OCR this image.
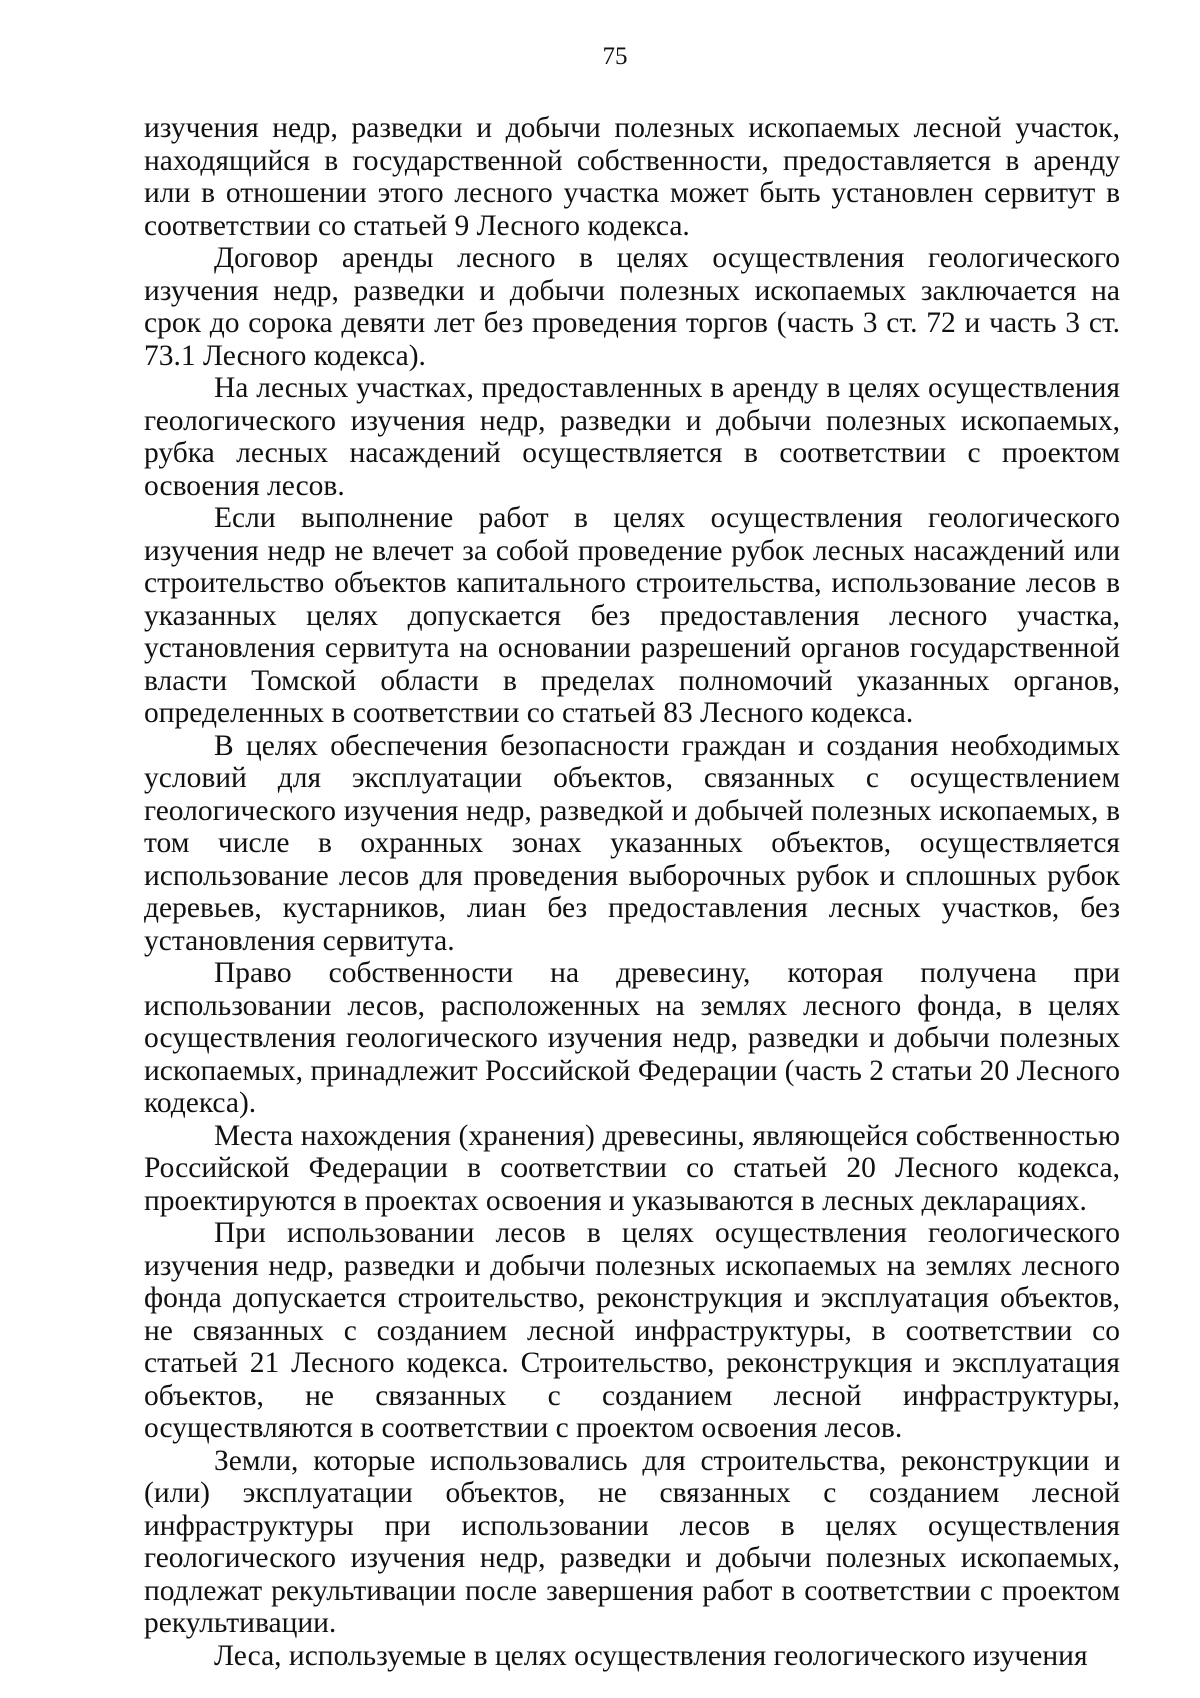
75

изучения недр, разведки и добычи полезных ископаемых лесной участок, находящийся в государственной собственности, предоставляется в аренду или в отношении этого лесного участка может быть установлен сервитут в соответствии со статьей 9 Лесного кодекса.

Договор аренды лесного в целях осуществления геологического изучения недр, разведки и добычи полезных ископаемых заключается на срок до сорока девяти лет без проведения торгов (часть 3 ст. 72 и часть 3 ст. 73.1 Лесного кодекса).

На лесных участках, предоставленных в аренду в целях осуществления геологического изучения недр, разведки и добычи полезных ископаемых, рубка лесных насаждений осуществляется в соответствии с проектом освоения лесов.

Если выполнение работ в целях осуществления геологического изучения недр не влечет за собой проведение рубок лесных насаждений или строительство объектов капитального строительства, использование лесов в указанных целях допускается без предоставления лесного участка, установления сервитута на основании разрешений органов государственной власти Томской области в пределах полномочий указанных органов, определенных в соответствии со статьей 83 Лесного кодекса.

В целях обеспечения безопасности граждан и создания необходимых условий для эксплуатации объектов, связанных с осуществлением геологического изучения недр, разведкой и добычей полезных ископаемых, в том числе в охранных зонах указанных объектов, осуществляется использование лесов для проведения выборочных рубок и сплошных рубок деревьев, кустарников, лиан без предоставления лесных участков, без установления сервитута.

Право собственности на древесину, которая получена при использовании лесов, расположенных на землях лесного фонда, в целях осуществления геологического изучения недр, разведки и добычи полезных ископаемых, принадлежит Российской Федерации (часть 2 статьи 20 Лесного кодекса).

Места нахождения (хранения) древесины, являющейся собственностью Российской Федерации в соответствии со статьей 20 Лесного кодекса, проектируются в проектах освоения и указываются в лесных декларациях.

При использовании лесов в целях осуществления геологического изучения недр, разведки и добычи полезных ископаемых на землях лесного фонда допускается строительство, реконструкция и эксплуатация объектов, не связанных с созданием лесной инфраструктуры, в соответствии со статьей 21 Лесного кодекса. Строительство, реконструкция и эксплуатация объектов, не связанных с созданием лесной инфраструктуры, осуществляются в соответствии с проектом освоения лесов.

Земли, которые использовались для строительства, реконструкции и (или) эксплуатации объектов, не связанных с созданием лесной инфраструктуры при использовании лесов в целях осуществления геологического изучения недр, разведки и добычи полезных ископаемых, подлежат рекультивации после завершения работ в соответствии с проектом рекультивации.

Леса, используемые в целях осуществления геологического изучения
